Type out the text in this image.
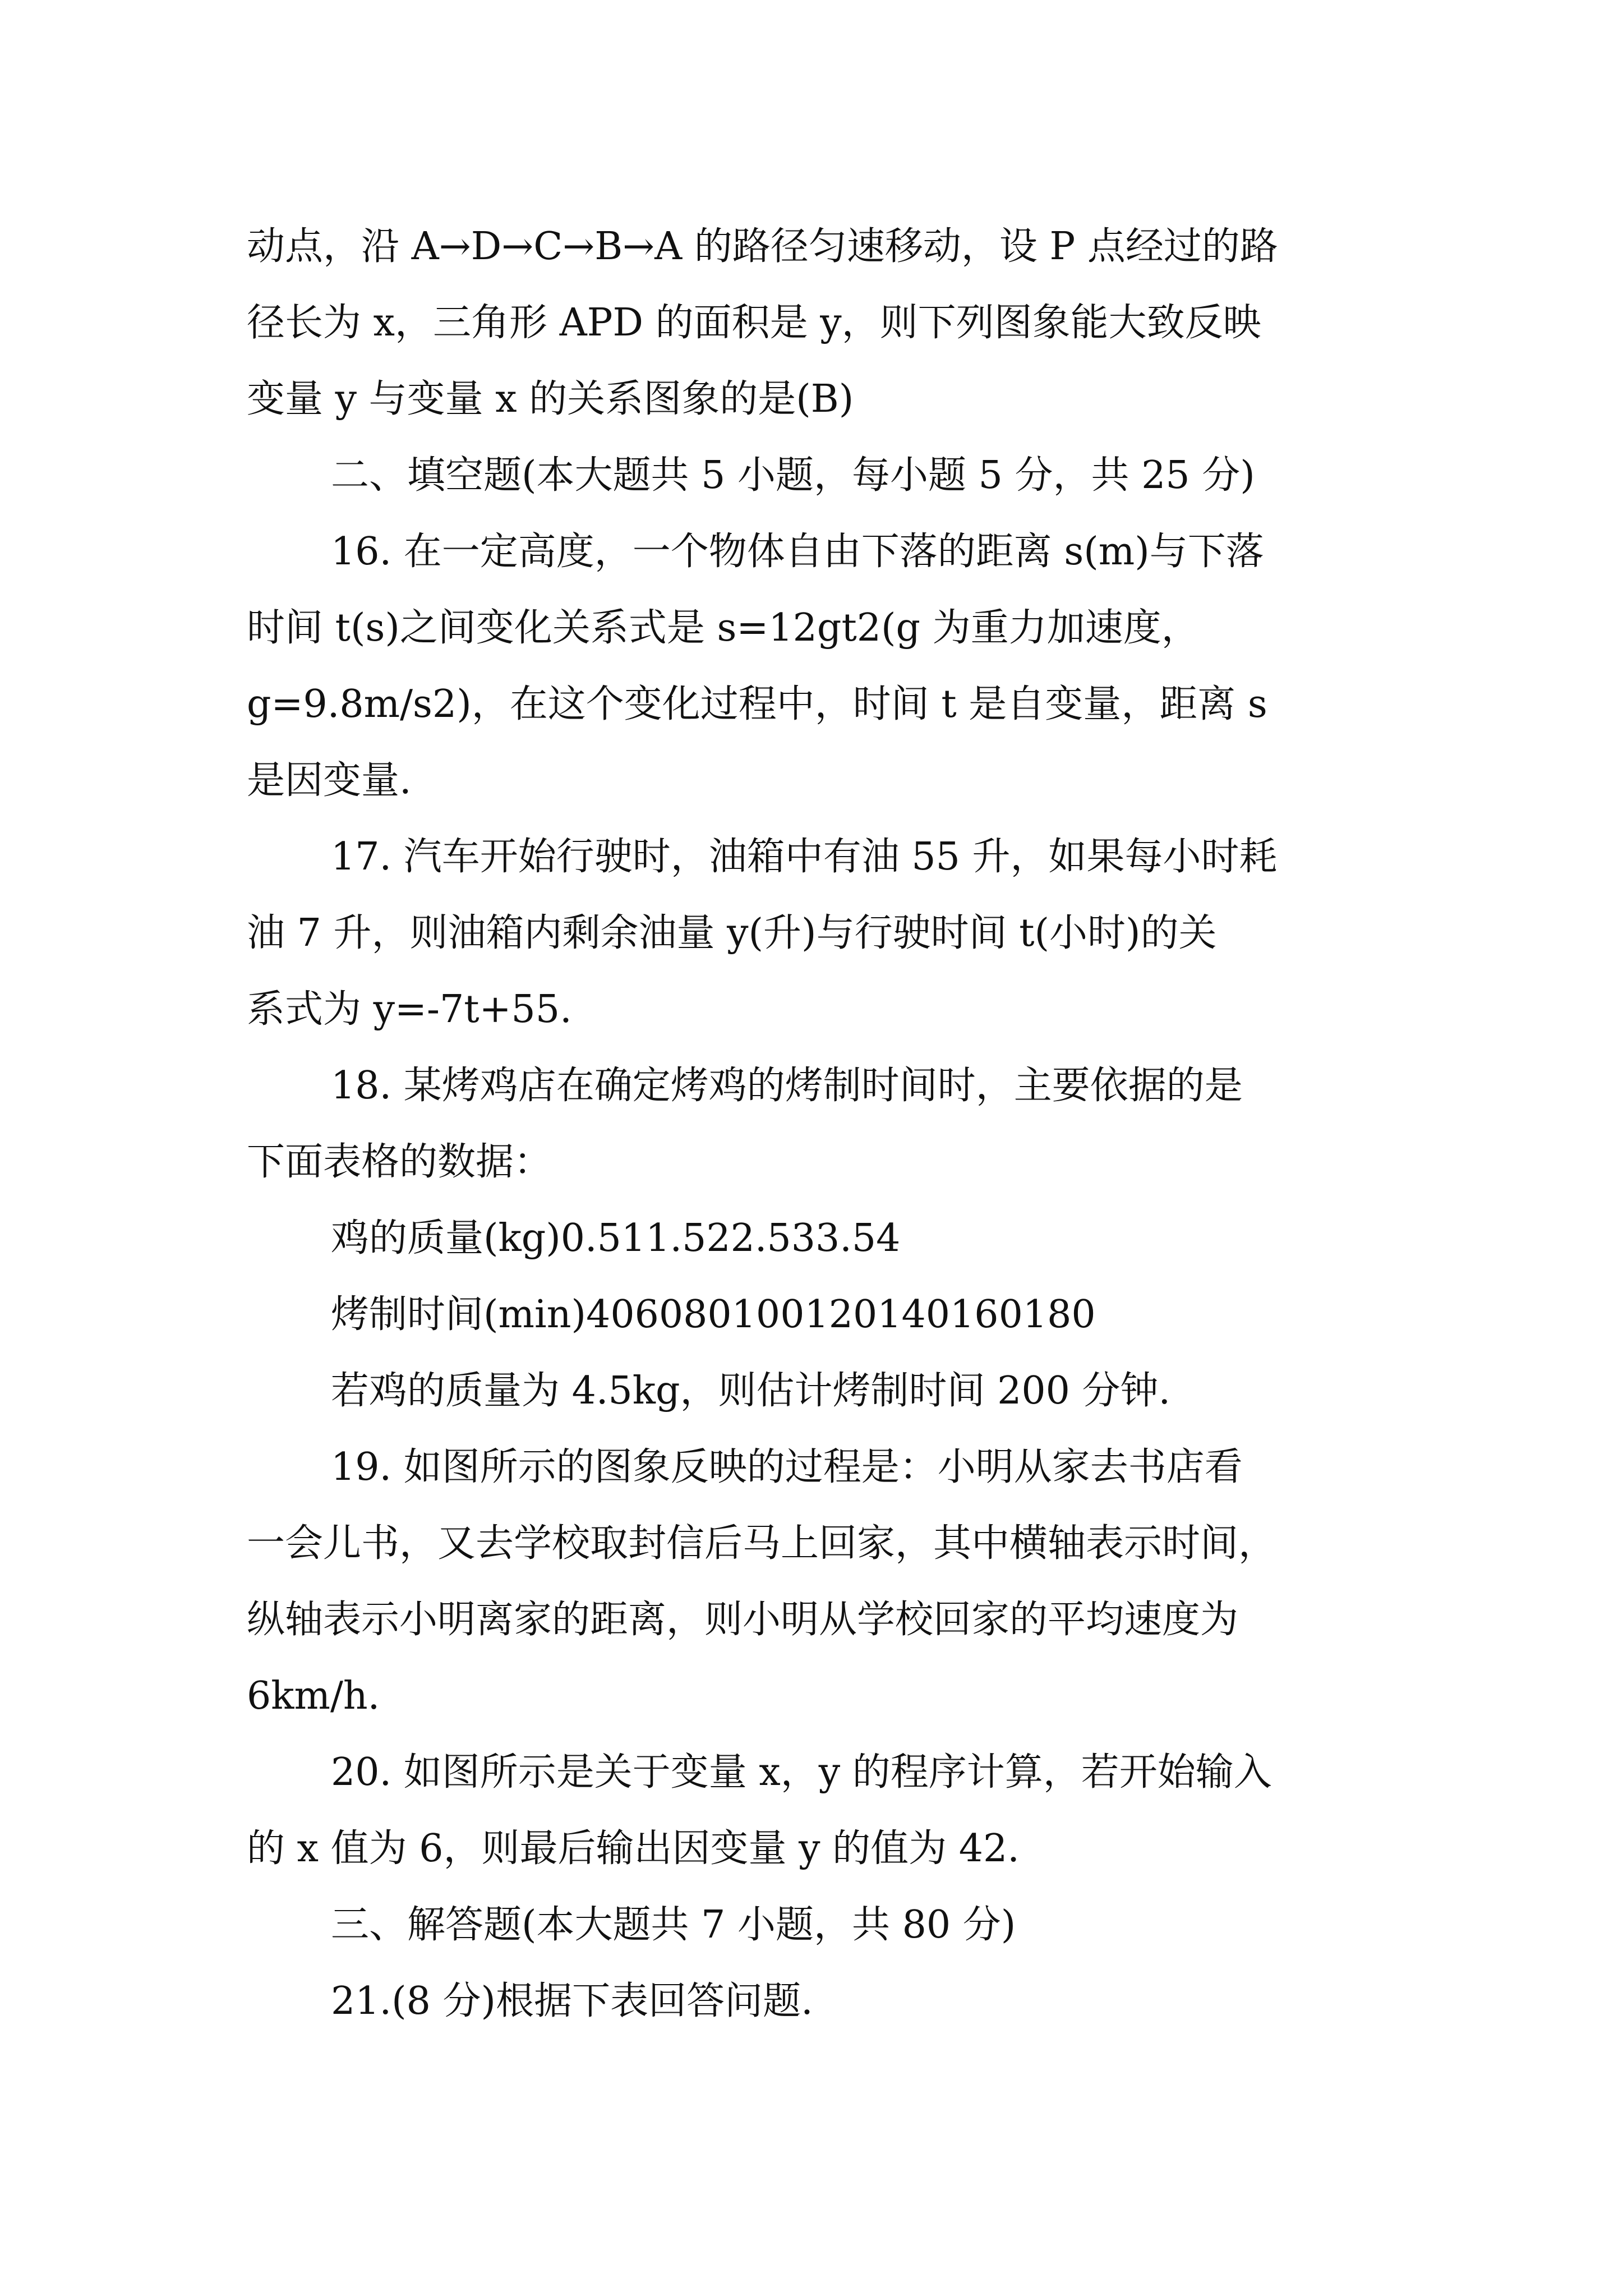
动点，沿 A→D→C→B→A 的路径匀速移动，设 P 点经过的路
径长为 x，三角形 APD 的面积是 y，则下列图象能大致反映
变量 y 与变量 x 的关系图象的是(B)
二、填空题(本大题共 5 小题，每小题 5 分，共 25 分)
16. 在一定高度，一个物体自由下落的距离 s(m)与下落
时间 t(s)之间变化关系式是 s=12gt2(g 为重力加速度，
g=9.8m/s2)，在这个变化过程中，时间 t 是自变量，距离 s
是因变量.
17. 汽车开始行驶时，油箱中有油 55 升，如果每小时耗
油 7 升，则油箱内剩余油量 y(升)与行驶时间 t(小时)的关
系式为 y=-7t+55.
18. 某烤鸡店在确定烤鸡的烤制时间时，主要依据的是
下面表格的数据：
鸡的质量(kg)0.511.522.533.54
烤制时间(min)406080100120140160180
若鸡的质量为 4.5kg，则估计烤制时间 200 分钟.
19. 如图所示的图象反映的过程是：小明从家去书店看
一会儿书，又去学校取封信后马上回家，其中横轴表示时间，
纵轴表示小明离家的距离，则小明从学校回家的平均速度为
6km/h.
20. 如图所示是关于变量 x，y 的程序计算，若开始输入
的 x 值为 6，则最后输出因变量 y 的值为 42.
三、解答题(本大题共 7 小题，共 80 分)
21.(8 分)根据下表回答问题.
